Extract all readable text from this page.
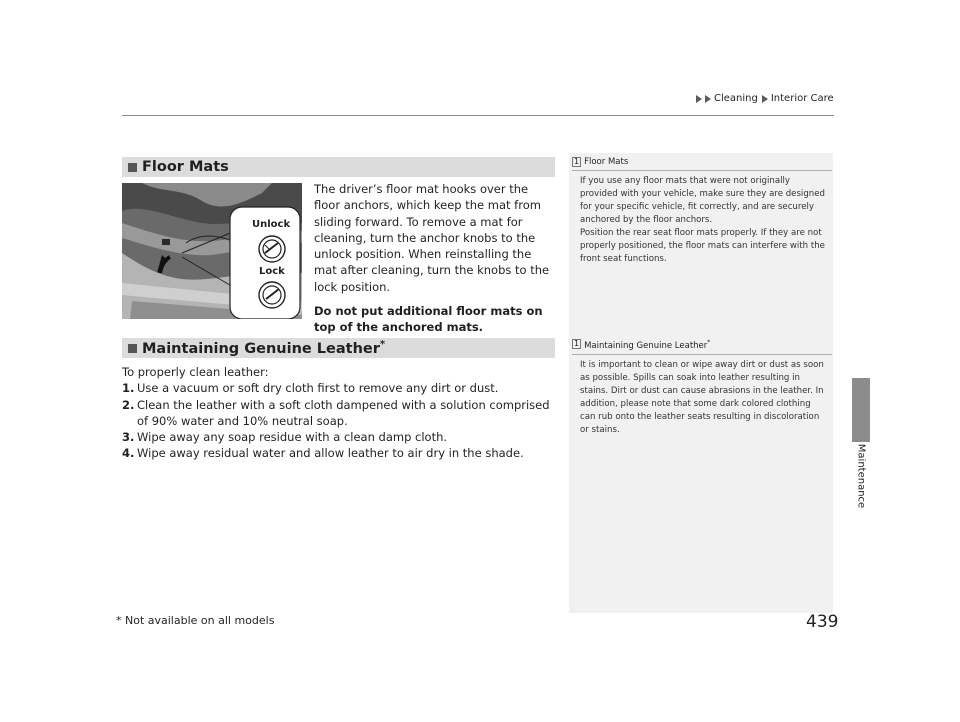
Cleaning Interior Care
Maintenance
Floor Mats
Unlock
Lock

The driver’s floor mat hooks over the floor anchors, which keep the mat from sliding forward. To remove a mat for cleaning, turn the anchor knobs to the unlock position. When reinstalling the mat after cleaning, turn the knobs to the lock position.

Do not put additional floor mats on top of the anchored mats.

Maintaining Genuine Leather*

To properly clean leather:

1. Use a vacuum or soft dry cloth first to remove any dirt or dust.
2. Clean the leather with a soft cloth dampened with a solution comprised of 90% water and 10% neutral soap.
3. Wipe away any soap residue with a clean damp cloth.
4. Wipe away residual water and allow leather to air dry in the shade.
1 Floor Mats

If you use any floor mats that were not originally provided with your vehicle, make sure they are designed for your specific vehicle, fit correctly, and are securely anchored by the floor anchors.

Position the rear seat floor mats properly. If they are not properly positioned, the floor mats can interfere with the front seat functions.

1 Maintaining Genuine Leather*

It is important to clean or wipe away dirt or dust as soon as possible. Spills can soak into leather resulting in stains. Dirt or dust can cause abrasions in the leather. In addition, please note that some dark colored clothing can rub onto the leather seats resulting in discoloration or stains.

* Not available on all models	439
